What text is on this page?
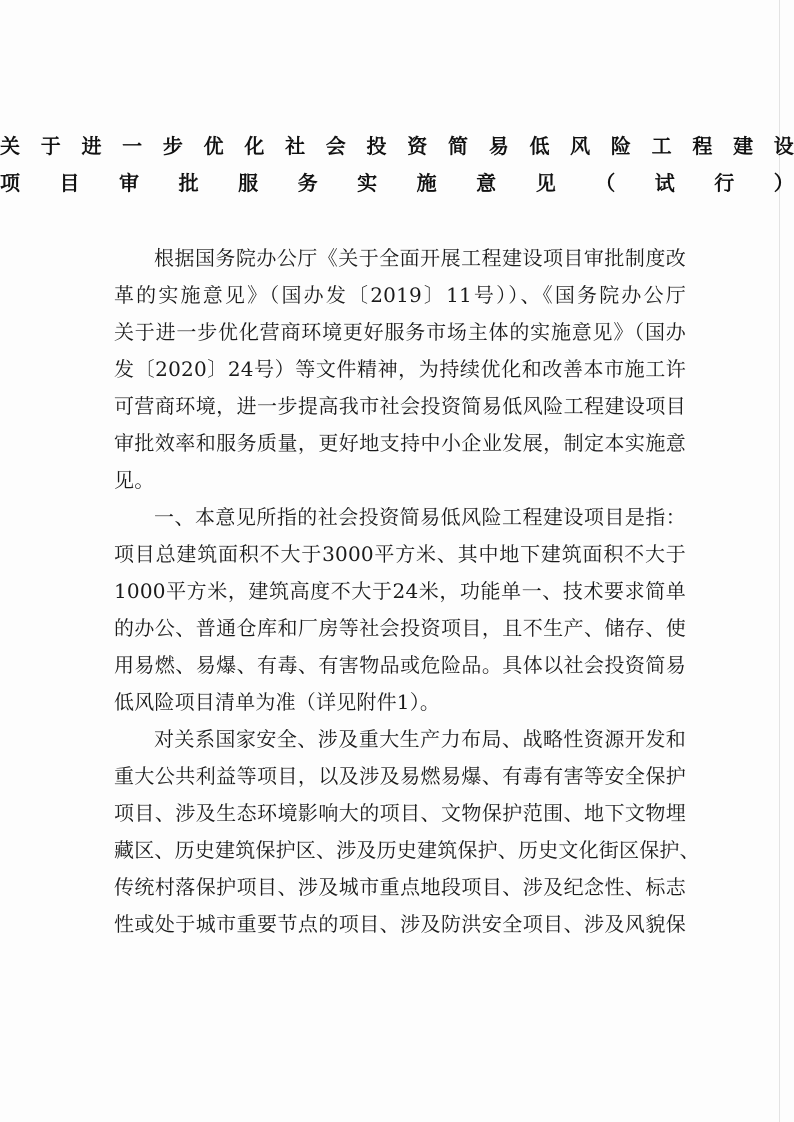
关于进一步优化社会投资简易低风险工程建设
项目审批服务实施意见（试行）
根据国务院办公厅《关于全面开展工程建设项目审批制度改
革的实施意见》（国办发〔2019〕11号））、《国务院办公厅
关于进一步优化营商环境更好服务市场主体的实施意见》（国办
发〔2020〕24号）等文件精神，为持续优化和改善本市施工许
可营商环境，进一步提高我市社会投资简易低风险工程建设项目
审批效率和服务质量，更好地支持中小企业发展，制定本实施意
见。
一、本意见所指的社会投资简易低风险工程建设项目是指：
项目总建筑面积不大于3000平方米、其中地下建筑面积不大于
1000平方米，建筑高度不大于24米，功能单一、技术要求简单
的办公、普通仓库和厂房等社会投资项目，且不生产、储存、使
用易燃、易爆、有毒、有害物品或危险品。具体以社会投资简易
低风险项目清单为准（详见附件1）。
对关系国家安全、涉及重大生产力布局、战略性资源开发和
重大公共利益等项目，以及涉及易燃易爆、有毒有害等安全保护
项目、涉及生态环境影响大的项目、文物保护范围、地下文物埋
藏区、历史建筑保护区、涉及历史建筑保护、历史文化街区保护、
传统村落保护项目、涉及城市重点地段项目、涉及纪念性、标志
性或处于城市重要节点的项目、涉及防洪安全项目、涉及风貌保
